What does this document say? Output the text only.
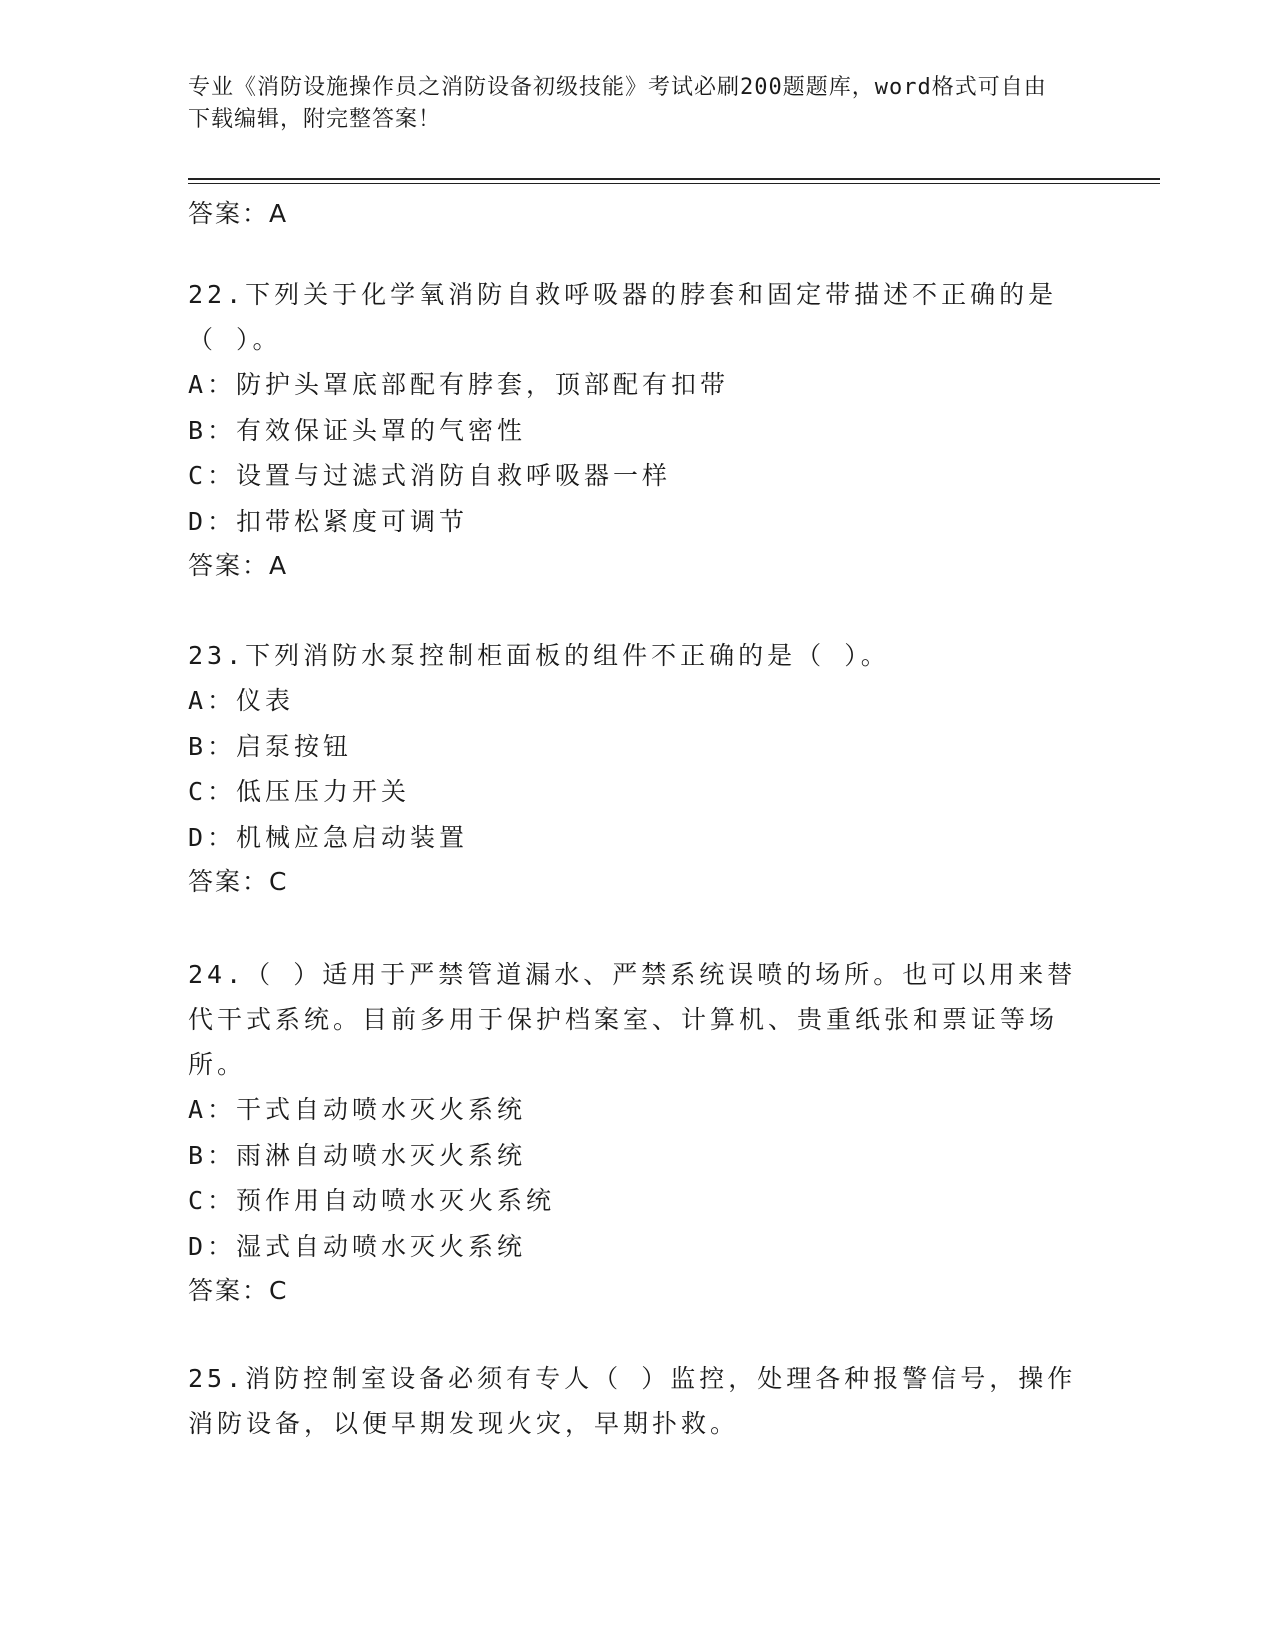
专业《消防设施操作员之消防设备初级技能》考试必刷200题题库，word格式可自由下载编辑，附完整答案！

答案：A

22.下列关于化学氧消防自救呼吸器的脖套和固定带描述不正确的是（ ）。

A：防护头罩底部配有脖套，顶部配有扣带

B：有效保证头罩的气密性

C：设置与过滤式消防自救呼吸器一样

D：扣带松紧度可调节

答案：A

23.下列消防水泵控制柜面板的组件不正确的是（ ）。

A：仪表

B：启泵按钮

C：低压压力开关

D：机械应急启动装置

答案：C

24.（ ）适用于严禁管道漏水、严禁系统误喷的场所。也可以用来替代干式系统。目前多用于保护档案室、计算机、贵重纸张和票证等场所。

A：干式自动喷水灭火系统

B：雨淋自动喷水灭火系统

C：预作用自动喷水灭火系统

D：湿式自动喷水灭火系统

答案：C

25.消防控制室设备必须有专人（ ）监控，处理各种报警信号，操作消防设备，以便早期发现火灾，早期扑救。
